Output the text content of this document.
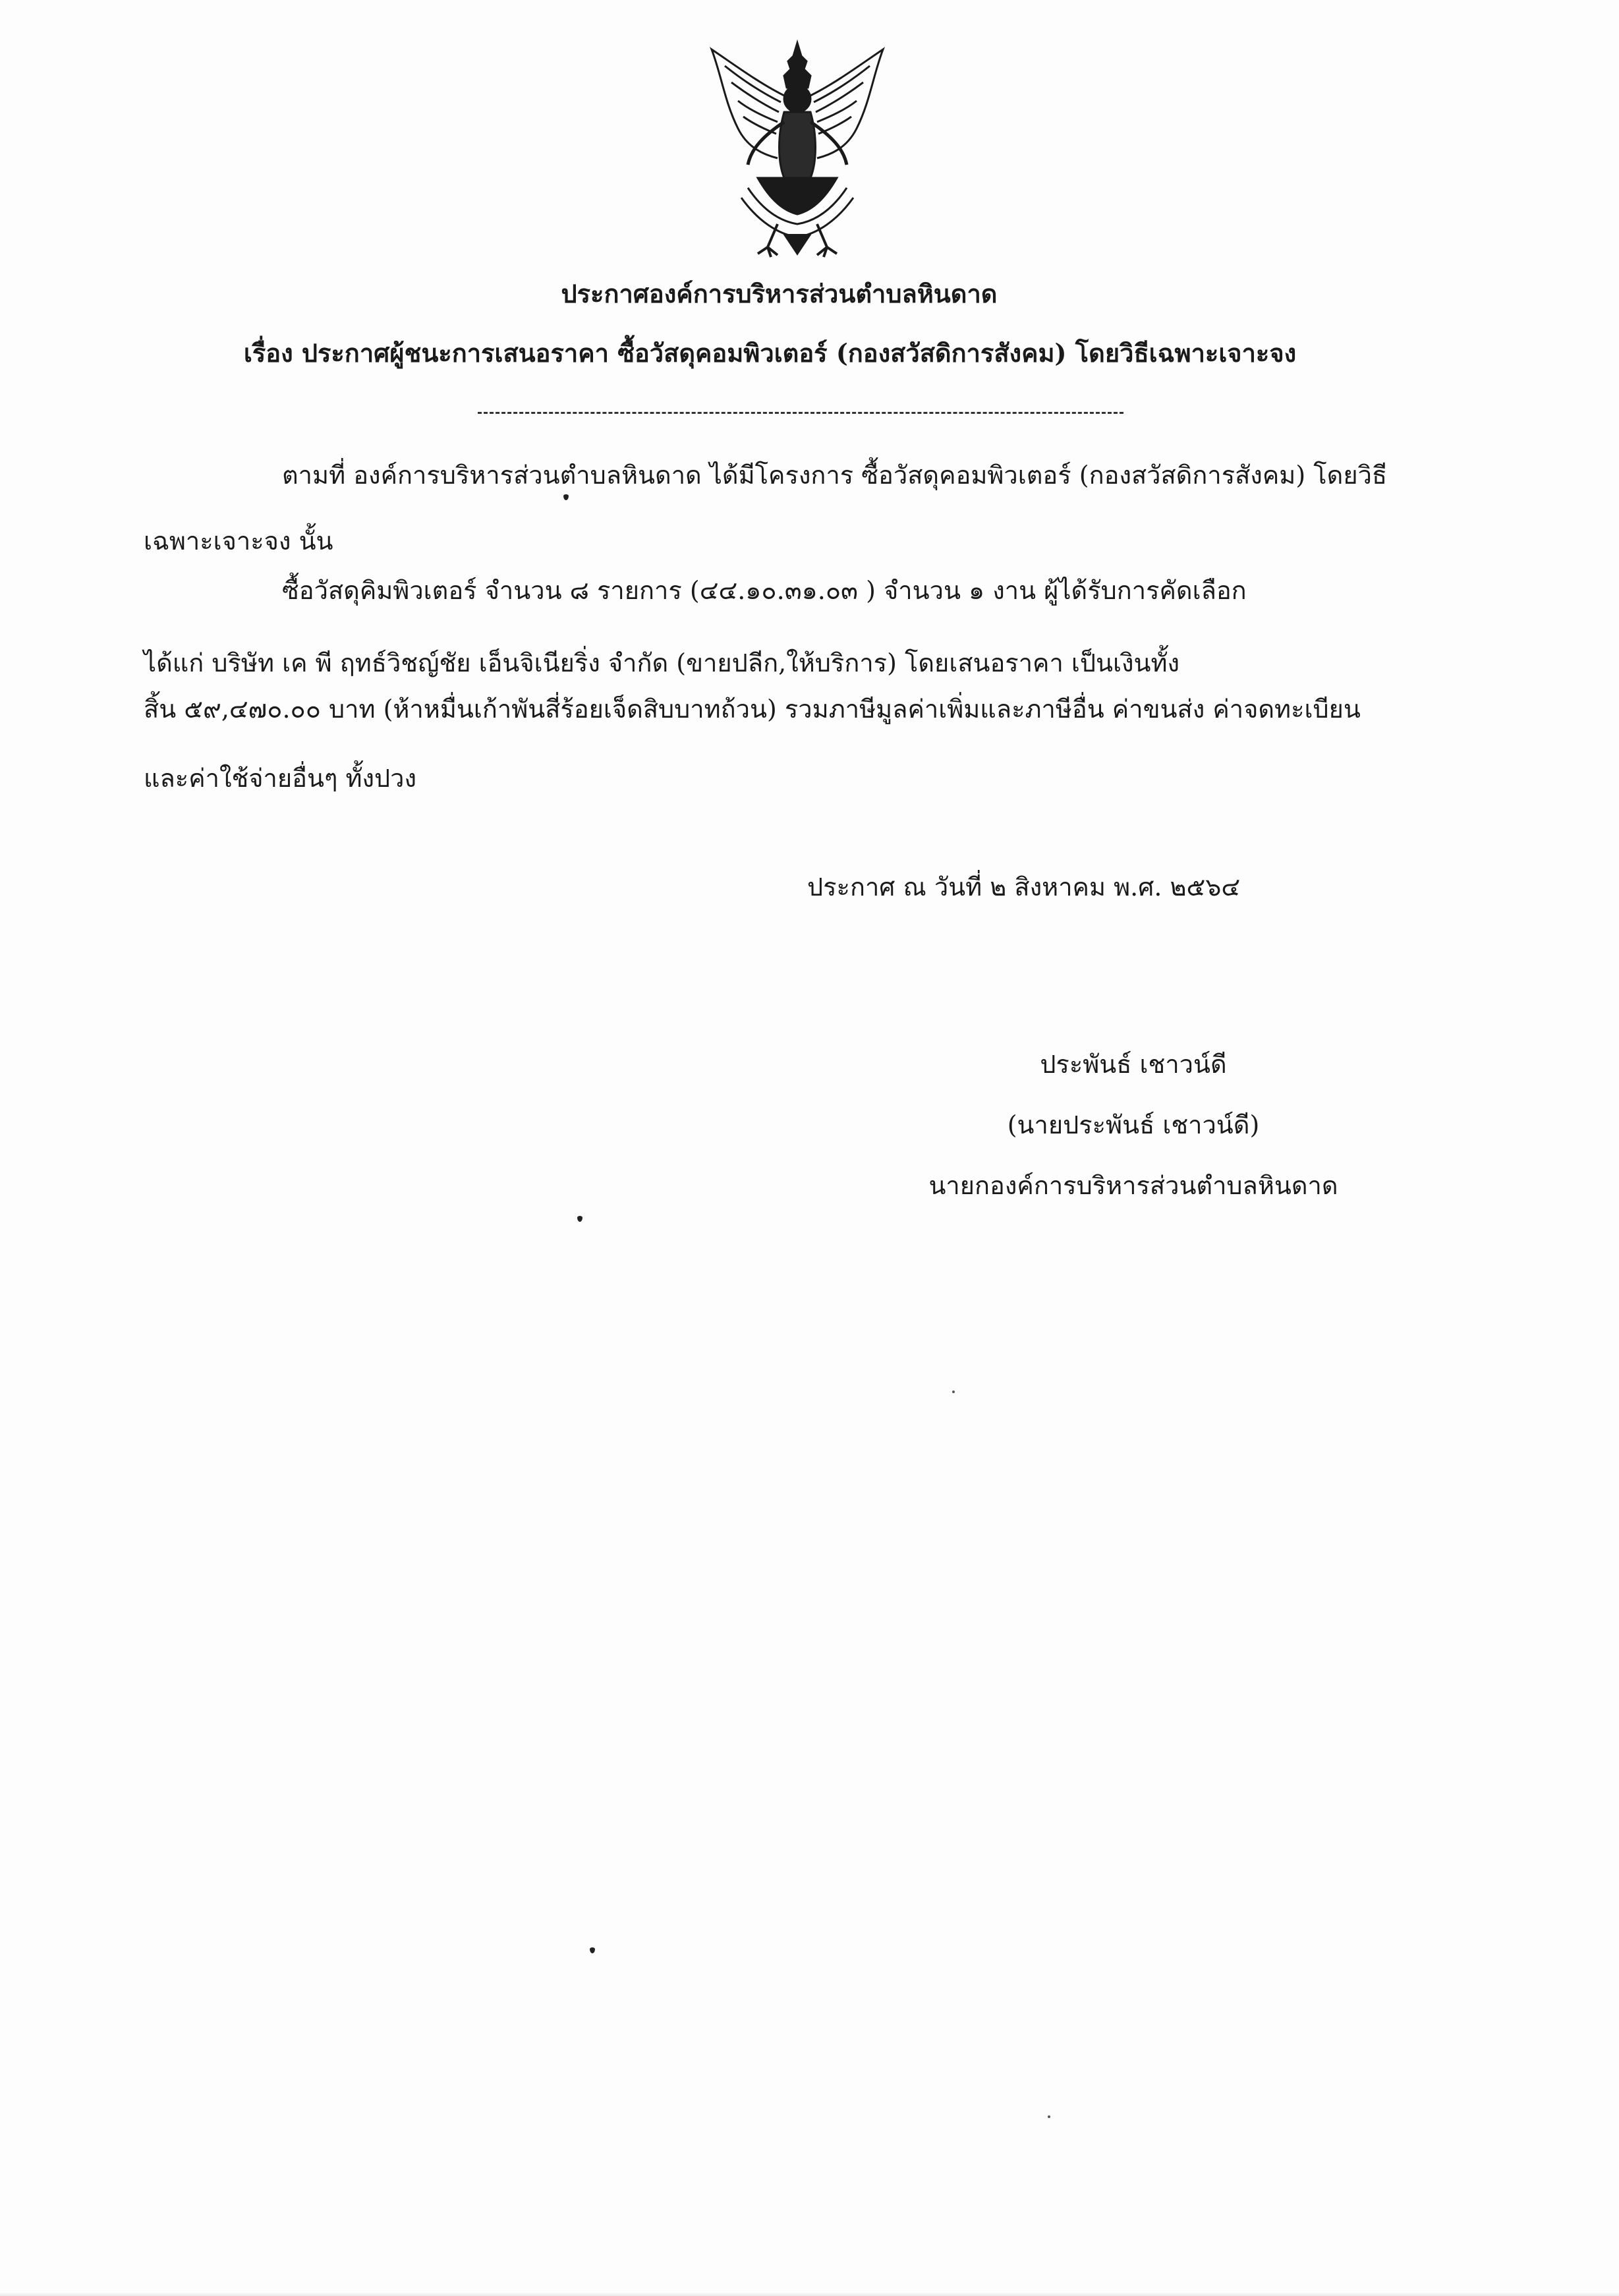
ประกาศองค์การบริหารส่วนตำบลหินดาด
เรื่อง ประกาศผู้ชนะการเสนอราคา ซื้อวัสดุคอมพิวเตอร์ (กองสวัสดิการสังคม) โดยวิธีเฉพาะเจาะจง
ตามที่ องค์การบริหารส่วนตำบลหินดาด ได้มีโครงการ ซื้อวัสดุคอมพิวเตอร์ (กองสวัสดิการสังคม) โดยวิธี
เฉพาะเจาะจง นั้น
ซื้อวัสดุคิมพิวเตอร์ จำนวน ๘ รายการ (๔๔.๑๐.๓๑.๐๓ ) จำนวน ๑ งาน ผู้ได้รับการคัดเลือก
ได้แก่ บริษัท เค พี ฤทธ์วิชญ์ชัย เอ็นจิเนียริ่ง จำกัด (ขายปลีก,ให้บริการ) โดยเสนอราคา เป็นเงินทั้ง
สิ้น ๕๙,๔๗๐.๐๐ บาท (ห้าหมื่นเก้าพันสี่ร้อยเจ็ดสิบบาทถ้วน) รวมภาษีมูลค่าเพิ่มและภาษีอื่น ค่าขนส่ง ค่าจดทะเบียน
และค่าใช้จ่ายอื่นๆ ทั้งปวง
ประกาศ ณ วันที่ ๒ สิงหาคม พ.ศ. ๒๕๖๔
ประพันธ์ เชาวน์ดี
(นายประพันธ์ เชาวน์ดี)
นายกองค์การบริหารส่วนตำบลหินดาด
